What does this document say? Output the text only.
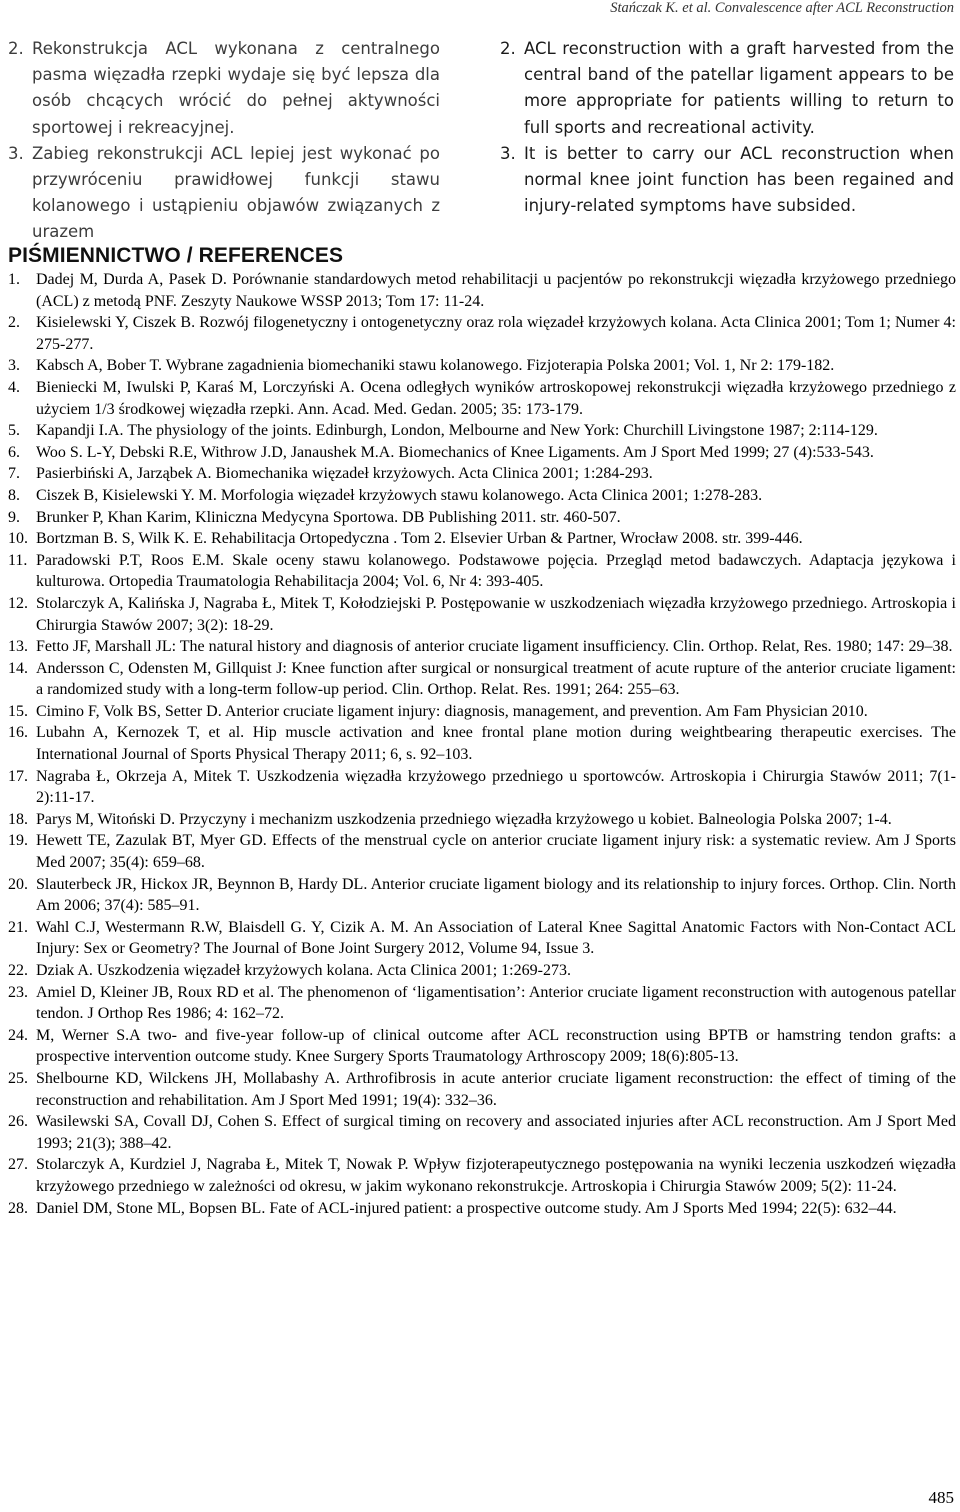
Stańczak K. et al. Convalescence after ACL Reconstruction

2. Rekonstrukcja ACL wykonana z centralnego pasma więzadła rzepki wydaje się być lepsza dla osób chcących wrócić do pełnej aktywności sportowej i rekreacyjnej.

3. Zabieg rekonstrukcji ACL lepiej jest wykonać po przywróceniu prawidłowej funkcji stawu kolanowego i ustąpieniu objawów związanych z urazem

2. ACL reconstruction with a graft harvested from the central band of the patellar ligament appears to be more appropriate for patients willing to return to full sports and recreational activity.

3. It is better to carry our ACL reconstruction when normal knee joint function has been regained and injury-related symptoms have subsided.

PIŚMIENNICTWO / REFERENCES
1.	Dadej M, Durda A, Pasek D. Porównanie standardowych metod rehabilitacji u pacjentów po rekonstrukcji więzadła krzyżowego przedniego (ACL) z metodą PNF. Zeszyty Naukowe WSSP 2013; Tom 17: 11-24.
2.	Kisielewski Y, Ciszek B. Rozwój filogenetyczny i ontogenetyczny oraz rola więzadeł krzyżowych kolana. Acta Clinica 2001; Tom 1; Numer 4: 275-277.
3.	Kabsch A, Bober T. Wybrane zagadnienia biomechaniki stawu kolanowego. Fizjoterapia Polska 2001; Vol. 1, Nr 2: 179-182.
4.	Bieniecki M, Iwulski P, Karaś M, Lorczyński A. Ocena odległych wyników artroskopowej rekonstrukcji więzadła krzyżowego przedniego z użyciem 1/3 środkowej więzadła rzepki. Ann. Acad. Med. Gedan. 2005; 35: 173-179.
5.	Kapandji I.A. The physiology of the joints. Edinburgh, London, Melbourne and New York: Churchill Livingstone 1987; 2:114-129.
6.	Woo S. L-Y, Debski R.E, Withrow J.D, Janaushek M.A. Biomechanics of Knee Ligaments. Am J Sport Med 1999; 27 (4):533-543.
7.	Pasierbiński A, Jarząbek A. Biomechanika więzadeł krzyżowych. Acta Clinica 2001; 1:284-293.
8.	Ciszek B, Kisielewski Y. M. Morfologia więzadeł krzyżowych stawu kolanowego. Acta Clinica 2001; 1:278-283.
9.	Brunker P, Khan Karim, Kliniczna Medycyna Sportowa. DB Publishing 2011. str. 460-507.
10. Bortzman B. S, Wilk K. E. Rehabilitacja Ortopedyczna . Tom 2. Elsevier Urban & Partner, Wrocław 2008. str. 399-446.
11. Paradowski P.T, Roos E.M. Skale oceny stawu kolanowego. Podstawowe pojęcia. Przegląd metod badawczych. Adaptacja językowa i kulturowa. Ortopedia Traumatologia Rehabilitacja 2004; Vol. 6, Nr 4: 393-405.
12. Stolarczyk A, Kalińska J, Nagraba Ł, Mitek T, Kołodziejski P. Postępowanie w uszkodzeniach więzadła krzyżowego przedniego. Artroskopia i Chirurgia Stawów 2007; 3(2): 18-29.
13. Fetto JF, Marshall JL: The natural history and diagnosis of anterior cruciate ligament insufficiency. Clin. Orthop. Relat, Res. 1980; 147: 29–38.
14. Andersson C, Odensten M, Gillquist J: Knee function after surgical or nonsurgical treatment of acute rupture of the anterior cruciate ligament: a randomized study with a long-term follow-up period. Clin. Orthop. Relat. Res. 1991; 264: 255–63.
15. Cimino F, Volk BS, Setter D. Anterior cruciate ligament injury: diagnosis, management, and prevention. Am Fam Physician 2010.
16. Lubahn A, Kernozek T, et al. Hip muscle activation and knee frontal plane motion during weightbearing therapeutic exercises. The International Journal of Sports Physical Therapy 2011; 6, s. 92–103.
17. Nagraba Ł, Okrzeja A, Mitek T. Uszkodzenia więzadła krzyżowego przedniego u sportowców. Artroskopia i Chirurgia Stawów 2011; 7(1-2):11-17.
18. Parys M, Witoński D. Przyczyny i mechanizm uszkodzenia przedniego więzadła krzyżowego u kobiet. Balneologia Polska 2007; 1-4.
19. Hewett TE, Zazulak BT, Myer GD. Effects of the menstrual cycle on anterior cruciate ligament injury risk: a systematic review. Am J Sports Med 2007; 35(4): 659–68.
20. Slauterbeck JR, Hickox JR, Beynnon B, Hardy DL. Anterior cruciate ligament biology and its relationship to injury forces. Orthop. Clin. North Am 2006; 37(4): 585–91.
21. Wahl C.J, Westermann R.W, Blaisdell G. Y, Cizik A. M. An Association of Lateral Knee Sagittal Anatomic Factors with Non-Contact ACL Injury: Sex or Geometry? The Journal of Bone Joint Surgery 2012, Volume 94, Issue 3.
22. Dziak A. Uszkodzenia więzadeł krzyżowych kolana. Acta Clinica 2001; 1:269-273.
23. Amiel D, Kleiner JB, Roux RD et al. The phenomenon of ‘ligamentisation’: Anterior cruciate ligament reconstruction with autogenous patellar tendon. J Orthop Res 1986; 4: 162–72.
24. M, Werner S.A two- and five-year follow-up of clinical outcome after ACL reconstruction using BPTB or hamstring tendon grafts: a prospective intervention outcome study. Knee Surgery Sports Traumatology Arthroscopy 2009; 18(6):805-13.
25. Shelbourne KD, Wilckens JH, Mollabashy A. Arthrofibrosis in acute anterior cruciate ligament reconstruction: the effect of timing of the reconstruction and rehabilitation. Am J Sport Med 1991; 19(4): 332–36.
26. Wasilewski SA, Covall DJ, Cohen S. Effect of surgical timing on recovery and associated injuries after ACL reconstruction. Am J Sport Med 1993; 21(3); 388–42.
27. Stolarczyk A, Kurdziel J, Nagraba Ł, Mitek T, Nowak P. Wpływ fizjoterapeutycznego postępowania na wyniki leczenia uszkodzeń więzadła krzyżowego przedniego w zależności od okresu, w jakim wykonano rekonstrukcje. Artroskopia i Chirurgia Stawów 2009; 5(2): 11-24.
28. Daniel DM, Stone ML, Bopsen BL. Fate of ACL-injured patient: a prospective outcome study. Am J Sports Med 1994; 22(5): 632–44.
485
